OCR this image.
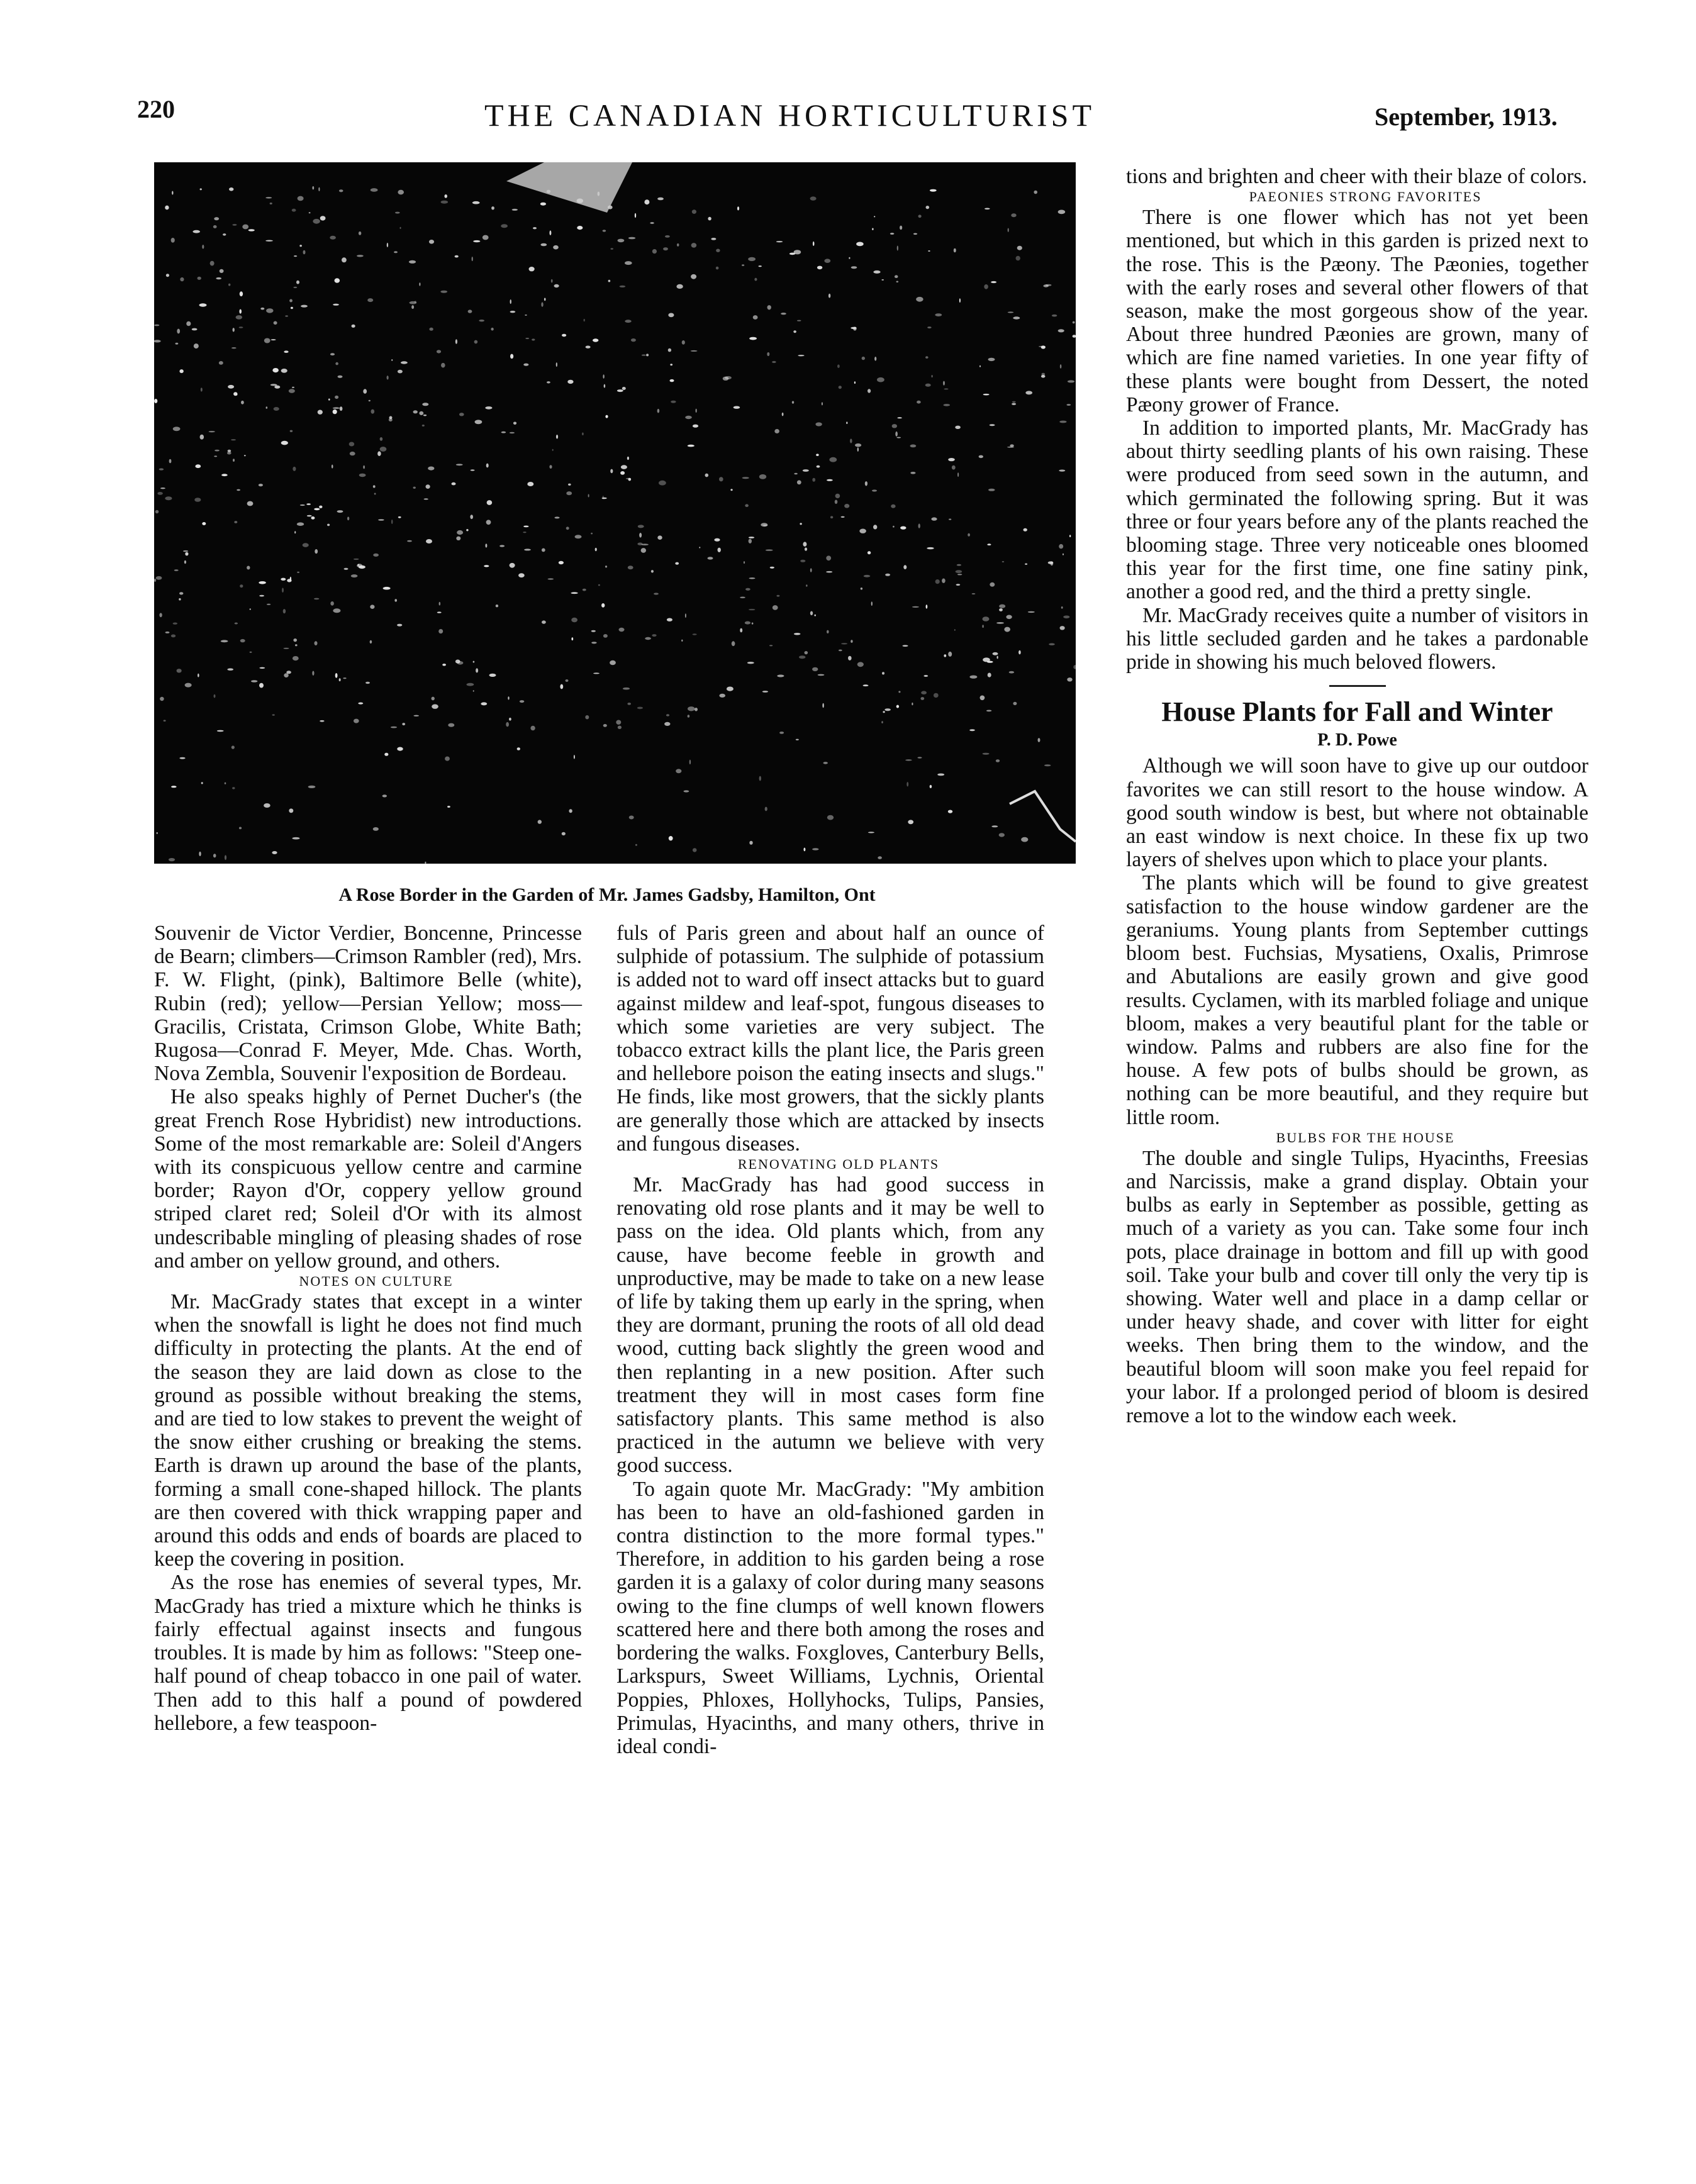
220	THE CANADIAN HORTICULTURIST	September, 1913.
A Rose Border in the Garden of Mr. James Gadsby, Hamilton, Ont

Souvenir de Victor Verdier, Boncenne, Princesse de Bearn; climbers—Crimson Rambler (red), Mrs. F. W. Flight, (pink), Baltimore Belle (white), Rubin (red); yellow—Persian Yellow; moss—Gracilis, Cristata, Crimson Globe, White Bath; Rugosa—Conrad F. Meyer, Mde. Chas. Worth, Nova Zembla, Souvenir l'exposition de Bordeau.

He also speaks highly of Pernet Ducher's (the great French Rose Hybridist) new introductions. Some of the most remarkable are: Soleil d'Angers with its conspicuous yellow centre and carmine border; Rayon d'Or, coppery yellow ground striped claret red; Soleil d'Or with its almost undescribable mingling of pleasing shades of rose and amber on yellow ground, and others.

NOTES ON CULTURE

Mr. MacGrady states that except in a winter when the snowfall is light he does not find much difficulty in protecting the plants. At the end of the season they are laid down as close to the ground as possible without breaking the stems, and are tied to low stakes to prevent the weight of the snow either crushing or breaking the stems. Earth is drawn up around the base of the plants, forming a small cone-shaped hillock. The plants are then covered with thick wrapping paper and around this odds and ends of boards are placed to keep the covering in position.

As the rose has enemies of several types, Mr. MacGrady has tried a mixture which he thinks is fairly effectual against insects and fungous troubles. It is made by him as follows: "Steep one-half pound of cheap tobacco in one pail of water. Then add to this half a pound of powdered hellebore, a few teaspoon-

fuls of Paris green and about half an ounce of sulphide of potassium. The sulphide of potassium is added not to ward off insect attacks but to guard against mildew and leaf-spot, fungous diseases to which some varieties are very subject. The tobacco extract kills the plant lice, the Paris green and hellebore poison the eating insects and slugs." He finds, like most growers, that the sickly plants are generally those which are attacked by insects and fungous diseases.

RENOVATING OLD PLANTS

Mr. MacGrady has had good success in renovating old rose plants and it may be well to pass on the idea. Old plants which, from any cause, have become feeble in growth and unproductive, may be made to take on a new lease of life by taking them up early in the spring, when they are dormant, pruning the roots of all old dead wood, cutting back slightly the green wood and then replanting in a new position. After such treatment they will in most cases form fine satisfactory plants. This same method is also practiced in the autumn we believe with very good success.

To again quote Mr. MacGrady: "My ambition has been to have an old-fashioned garden in contra distinction to the more formal types." Therefore, in addition to his garden being a rose garden it is a galaxy of color during many seasons owing to the fine clumps of well known flowers scattered here and there both among the roses and bordering the walks. Foxgloves, Canterbury Bells, Larkspurs, Sweet Williams, Lychnis, Oriental Poppies, Phloxes, Hollyhocks, Tulips, Pansies, Primulas, Hyacinths, and many others, thrive in ideal condi-

tions and brighten and cheer with their blaze of colors.

PAEONIES STRONG FAVORITES

There is one flower which has not yet been mentioned, but which in this garden is prized next to the rose. This is the Pæony. The Pæonies, together with the early roses and several other flowers of that season, make the most gorgeous show of the year. About three hundred Pæonies are grown, many of which are fine named varieties. In one year fifty of these plants were bought from Dessert, the noted Pæony grower of France.

In addition to imported plants, Mr. MacGrady has about thirty seedling plants of his own raising. These were produced from seed sown in the autumn, and which germinated the following spring. But it was three or four years before any of the plants reached the blooming stage. Three very noticeable ones bloomed this year for the first time, one fine satiny pink, another a good red, and the third a pretty single.

Mr. MacGrady receives quite a number of visitors in his little secluded garden and he takes a pardonable pride in showing his much beloved flowers.

House Plants for Fall and Winter
P. D. Powe

Although we will soon have to give up our outdoor favorites we can still resort to the house window. A good south window is best, but where not obtainable an east window is next choice. In these fix up two layers of shelves upon which to place your plants.

The plants which will be found to give greatest satisfaction to the house window gardener are the geraniums. Young plants from September cuttings bloom best. Fuchsias, Mysatiens, Oxalis, Primrose and Abutalions are easily grown and give good results. Cyclamen, with its marbled foliage and unique bloom, makes a very beautiful plant for the table or window. Palms and rubbers are also fine for the house. A few pots of bulbs should be grown, as nothing can be more beautiful, and they require but little room.

BULBS FOR THE HOUSE

The double and single Tulips, Hyacinths, Freesias and Narcissis, make a grand display. Obtain your bulbs as early in September as possible, getting as much of a variety as you can. Take some four inch pots, place drainage in bottom and fill up with good soil. Take your bulb and cover till only the very tip is showing. Water well and place in a damp cellar or under heavy shade, and cover with litter for eight weeks. Then bring them to the window, and the beautiful bloom will soon make you feel repaid for your labor. If a prolonged period of bloom is desired remove a lot to the window each week.
